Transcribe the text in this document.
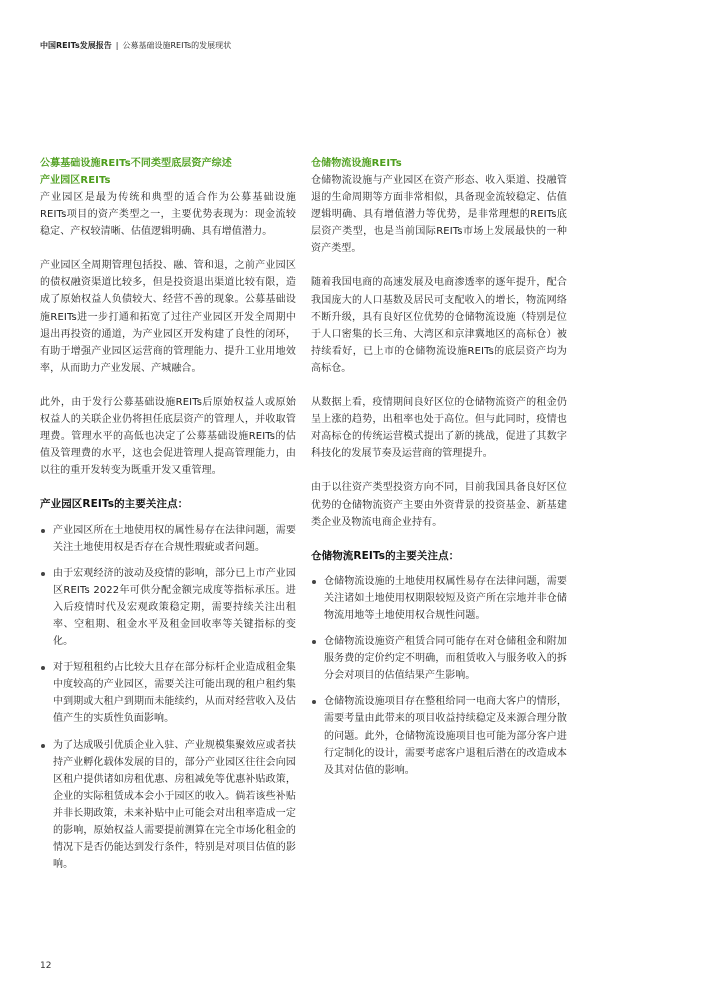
中国REITs发展报告 | 公募基础设施REITs的发展现状
公募基础设施REITs不同类型底层资产综述
产业园区REITs

产业园区是最为传统和典型的适合作为公募基础设施REITs项目的资产类型之一，主要优势表现为：现金流较稳定、产权较清晰、估值逻辑明确、具有增值潜力。

产业园区全周期管理包括投、融、管和退，之前产业园区的债权融资渠道比较多，但是投资退出渠道比较有限，造成了原始权益人负债较大、经营不善的现象。公募基础设施REITs进一步打通和拓宽了过往产业园区开发全周期中退出再投资的通道，为产业园区开发构建了良性的闭环，有助于增强产业园区运营商的管理能力、提升工业用地效率，从而助力产业发展、产城融合。

此外，由于发行公募基础设施REITs后原始权益人或原始权益人的关联企业仍将担任底层资产的管理人，并收取管理费。管理水平的高低也决定了公募基础设施REITs的估值及管理费的水平，这也会促进管理人提高管理能力，由以往的重开发转变为既重开发又重管理。

产业园区REITs的主要关注点：
产业园区所在土地使用权的属性易存在法律问题，需要关注土地使用权是否存在合规性瑕疵或者问题。
由于宏观经济的波动及疫情的影响，部分已上市产业园区REITs 2022年可供分配金额完成度等指标承压。进入后疫情时代及宏观政策稳定期，需要持续关注出租率、空租期、租金水平及租金回收率等关键指标的变化。
对于短租租约占比较大且存在部分标杆企业造成租金集中度较高的产业园区，需要关注可能出现的租户租约集中到期或大租户到期而未能续约，从而对经营收入及估值产生的实质性负面影响。
为了达成吸引优质企业入驻、产业规模集聚效应或者扶持产业孵化载体发展的目的，部分产业园区往往会向园区租户提供诸如房租优惠、房租减免等优惠补贴政策，企业的实际租赁成本会小于园区的收入。倘若该些补贴并非长期政策，未来补贴中止可能会对出租率造成一定的影响，原始权益人需要提前测算在完全市场化租金的情况下是否仍能达到发行条件，特别是对项目估值的影响。
仓储物流设施REITs

仓储物流设施与产业园区在资产形态、收入渠道、投融管退的生命周期等方面非常相似，具备现金流较稳定、估值逻辑明确、具有增值潜力等优势，是非常理想的REITs底层资产类型，也是当前国际REITs市场上发展最快的一种资产类型。

随着我国电商的高速发展及电商渗透率的逐年提升，配合我国庞大的人口基数及居民可支配收入的增长，物流网络不断升级，具有良好区位优势的仓储物流设施（特别是位于人口密集的长三角、大湾区和京津冀地区的高标仓）被持续看好，已上市的仓储物流设施REITs的底层资产均为高标仓。

从数据上看，疫情期间良好区位的仓储物流资产的租金仍呈上涨的趋势，出租率也处于高位。但与此同时，疫情也对高标仓的传统运营模式提出了新的挑战，促进了其数字科技化的发展节奏及运营商的管理提升。

由于以往资产类型投资方向不同，目前我国具备良好区位优势的仓储物流资产主要由外资背景的投资基金、新基建类企业及物流电商企业持有。

仓储物流REITs的主要关注点：
仓储物流设施的土地使用权属性易存在法律问题，需要关注诸如土地使用权期限较短及资产所在宗地并非仓储物流用地等土地使用权合规性问题。
仓储物流设施资产租赁合同可能存在对仓储租金和附加服务费的定价约定不明确，而租赁收入与服务收入的拆分会对项目的估值结果产生影响。
仓储物流设施项目存在整租给同一电商大客户的情形，需要考量由此带来的项目收益持续稳定及来源合理分散的问题。此外，仓储物流设施项目也可能为部分客户进行定制化的设计，需要考虑客户退租后潜在的改造成本及其对估值的影响。
12
